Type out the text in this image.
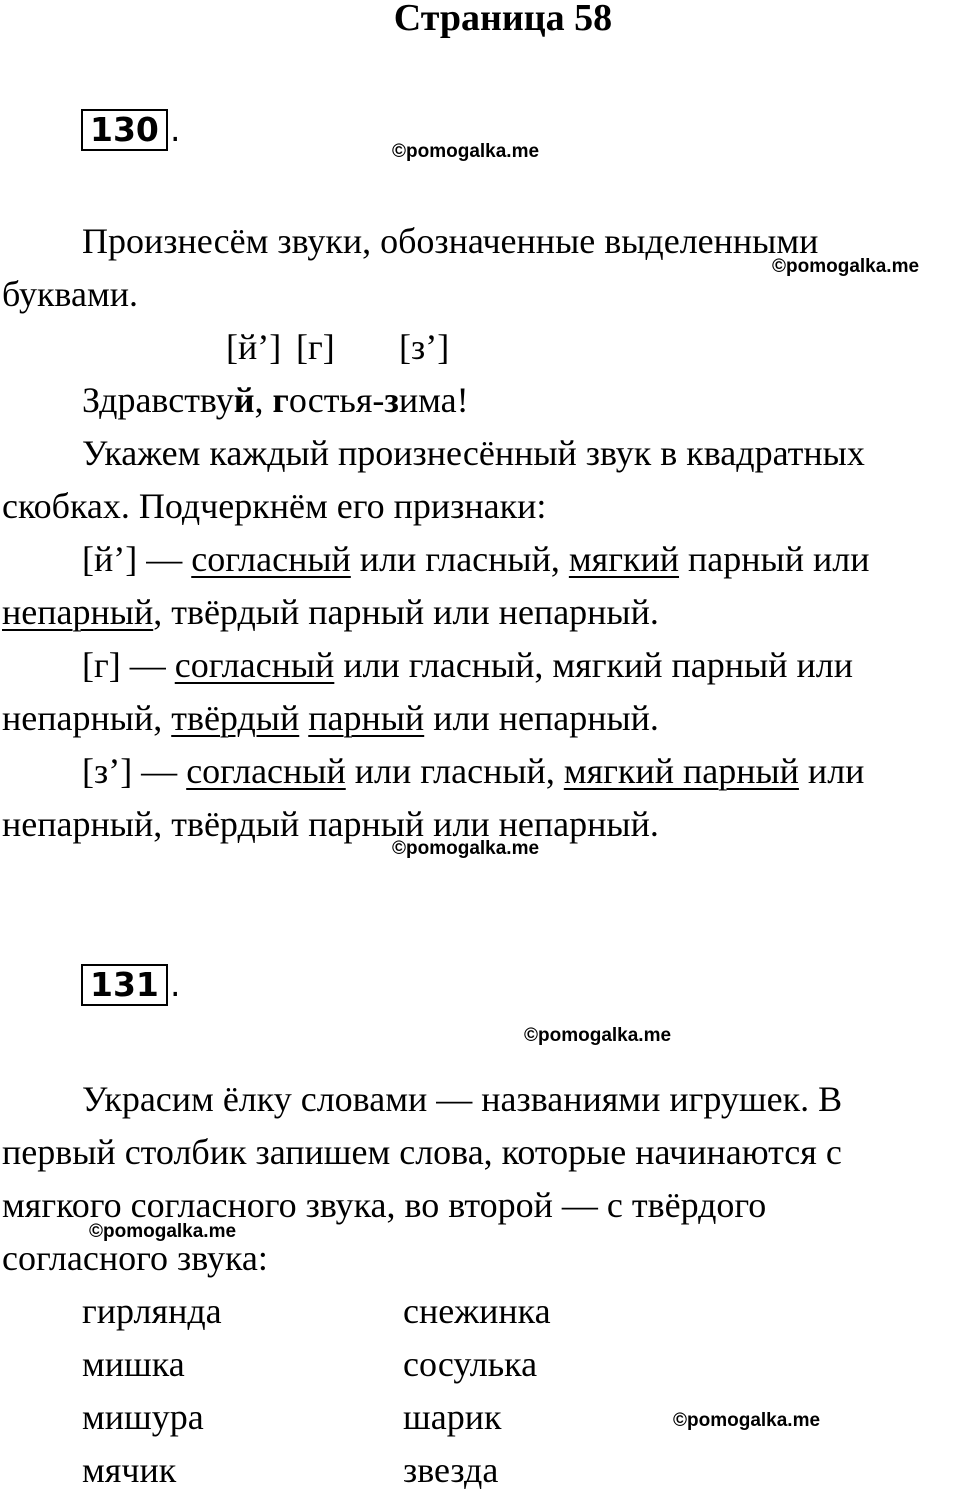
Страница 58
130 .
©pomogalka.me
Произнесём звуки, обозначенные выделенными
©pomogalka.me
буквами.
[й’] [г] [з’]
Здравствуй, гостья-зима!
Укажем каждый произнесённый звук в квадратных
скобках. Подчеркнём его признаки:
[й’] — согласный или гласный, мягкий парный или
непарный, твёрдый парный или непарный.
[г] — согласный или гласный, мягкий парный или
непарный, твёрдый парный или непарный.
[з’] — согласный или гласный, мягкий парный или
непарный, твёрдый парный или непарный.
©pomogalka.me
131 .
©pomogalka.me
Украсим ёлку словами — названиями игрушек. В
первый столбик запишем слова, которые начинаются с
мягкого согласного звука, во второй — с твёрдого
©pomogalka.me
согласного звука:
гирлянда	снежинка
мишка	сосулька
мишура	шарик	©pomogalka.me
мячик	звезда
